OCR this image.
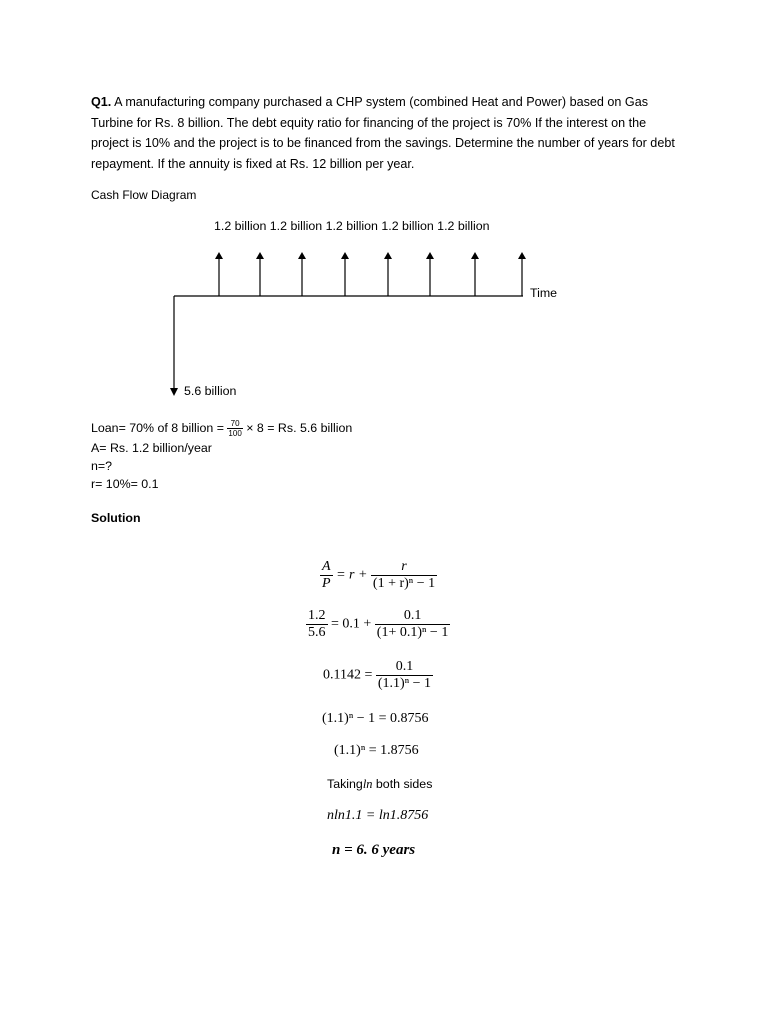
Q1. A manufacturing company purchased a CHP system (combined Heat and Power) based on Gas Turbine for Rs. 8 billion. The debt equity ratio for financing of the project is 70% If the interest on the project is 10% and the project is to be financed from the savings. Determine the number of years for debt repayment. If the annuity is fixed at Rs. 12 billion per year.
Cash Flow Diagram
1.2 billion 1.2 billion 1.2 billion 1.2 billion 1.2 billion
Time
5.6 billion
Loan= 70% of 8 billion = $\frac{70}{100} \times 8 = Rs$. 5.6 billion
A= Rs. 1.2 billion/year
n=?
r= 10%= 0.1
Solution
$\frac{A}{P} = r + \frac{r}{\text{(1 + r)ⁿ − 1}}$
$\frac{1.2}{5.6} = 0.1 + \frac{0.1}{\text{(1+ 0.1)ⁿ − 1}}$
$0.1142 = \frac{0.1}{\text{(1.1)ⁿ − 1}}$
(1.1)ⁿ − 1 = 0.8756
(1.1)ⁿ = 1.8756
Takingln both sides
nln1.1 = ln1.8756
n = 6. 6 years
